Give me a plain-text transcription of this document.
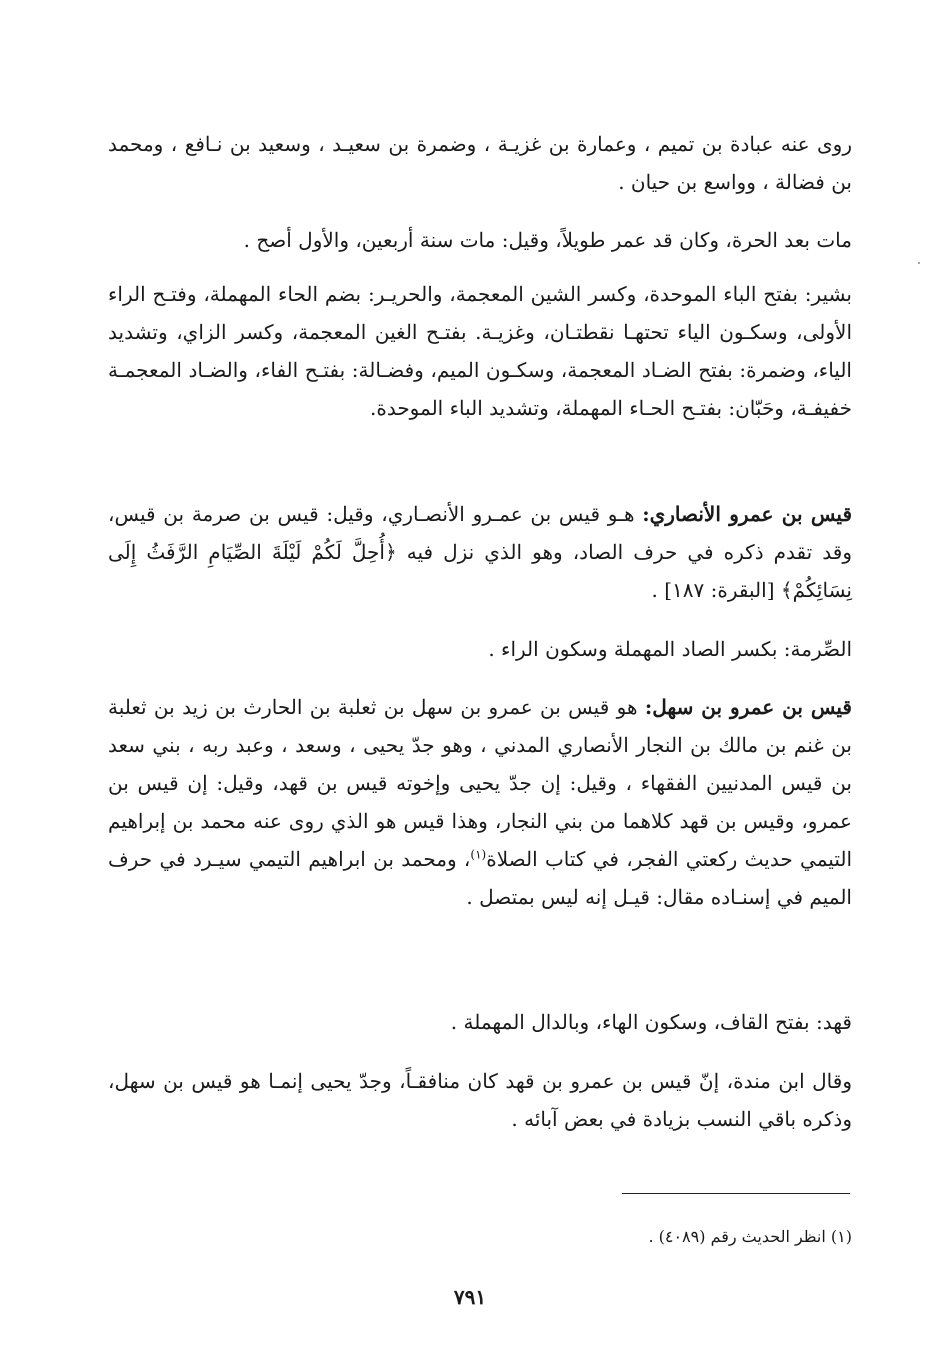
روى عنه عبادة بن تميم ، وعمارة بن غزيـة ، وضمرة بن سعيـد ، وسعيد بن نـافع ، ومحمد بن فضالة ، وواسع بن حيان .

مات بعد الحرة، وكان قد عمر طويلاً، وقيل: مات سنة أربعين، والأول أصح .

بشير: بفتح الباء الموحدة، وكسر الشين المعجمة، والحريـر: بضم الحاء المهملة، وفتـح الراء الأولى، وسكـون الياء تحتهـا نقطتـان، وغزيـة. بفتـح الغين المعجمة، وكسر الزاي، وتشديد الياء، وضمرة: بفتح الضـاد المعجمة، وسكـون الميم، وفضـالة: بفتـح الفاء، والضـاد المعجمـة خفيفـة، وحَبّان: بفتـح الحـاء المهملة، وتشديد الباء الموحدة.

قيس بن عمرو الأنصاري: هـو قيس بن عمـرو الأنصـاري، وقيل: قيس بن صرمة بن قيس، وقد تقدم ذكره في حرف الصاد، وهو الذي نزل فيه ﴿أُحِلَّ لَكُمْ لَيْلَةَ الصِّيَامِ الرَّفَثُ إِلَى نِسَائِكُمْ﴾ [البقرة: ١٨٧] .

الصِّرمة: بكسر الصاد المهملة وسكون الراء .

قيس بن عمرو بن سهل: هو قيس بن عمرو بن سهل بن ثعلبة بن الحارث بن زيد بن ثعلبة بن غنم بن مالك بن النجار الأنصاري المدني ، وهو جدّ يحيى ، وسعد ، وعبد ربه ، بني سعد بن قيس المدنيين الفقهاء ، وقيل: إن جدّ يحيى وإخوته قيس بن قهد، وقيل: إن قيس بن عمرو، وقيس بن قهد كلاهما من بني النجار، وهذا قيس هو الذي روى عنه محمد بن إبراهيم التيمي حديث ركعتي الفجر، في كتاب الصلاة$^{(١)}$، ومحمد بن ابراهيم التيمي سيـرد في حرف الميم في إسنـاده مقال: قيـل إنه ليس بمتصل .

قهد: بفتح القاف، وسكون الهاء، وبالدال المهملة .

وقال ابن مندة، إنّ قيس بن عمرو بن قهد كان منافقـاً، وجدّ يحيى إنمـا هو قيس بن سهل، وذكره باقي النسب بزيادة في بعض آبائه .

(١) انظر الحديث رقم (٤٠٨٩) .
٧٩١
